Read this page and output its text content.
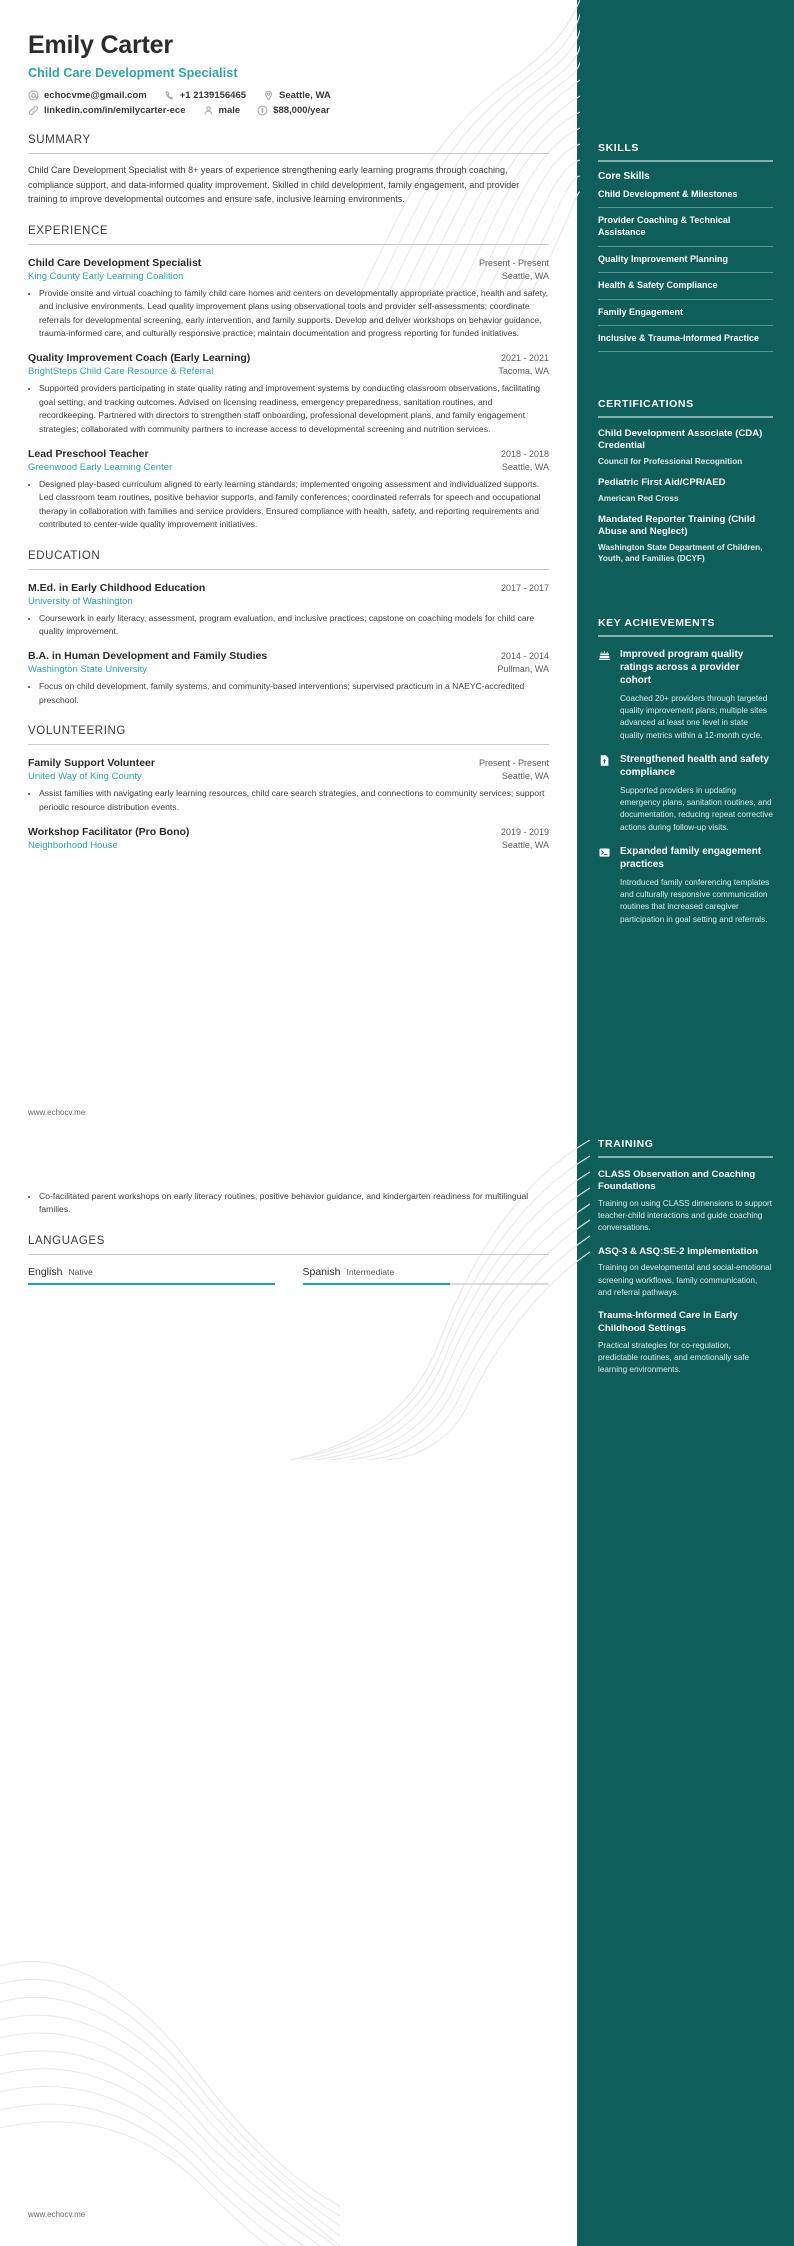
Emily Carter
Child Care Development Specialist
echocvme@gmail.com	+1 2139156465	Seattle, WA
linkedin.com/in/emilycarter-ece	male	$88,000/year
SUMMARY
Child Care Development Specialist with 8+ years of experience strengthening early learning programs through coaching, compliance support, and data-informed quality improvement. Skilled in child development, family engagement, and provider training to improve developmental outcomes and ensure safe, inclusive learning environments.
EXPERIENCE
Child Care Development Specialist	Present - Present
King County Early Learning Coalition	Seattle, WA
• Provide onsite and virtual coaching to family child care homes and centers on developmentally appropriate practice, health and safety, and inclusive environments. Lead quality improvement plans using observational tools and provider self-assessments; coordinate referrals for developmental screening, early intervention, and family supports. Develop and deliver workshops on behavior guidance, trauma-informed care, and culturally responsive practice; maintain documentation and progress reporting for funded initiatives.
Quality Improvement Coach (Early Learning)	2021 - 2021
BrightSteps Child Care Resource & Referral	Tacoma, WA
• Supported providers participating in state quality rating and improvement systems by conducting classroom observations, facilitating goal setting, and tracking outcomes. Advised on licensing readiness, emergency preparedness, sanitation routines, and recordkeeping. Partnered with directors to strengthen staff onboarding, professional development plans, and family engagement strategies; collaborated with community partners to increase access to developmental screening and nutrition services.
Lead Preschool Teacher	2018 - 2018
Greenwood Early Learning Center	Seattle, WA
• Designed play-based curriculum aligned to early learning standards; implemented ongoing assessment and individualized supports. Led classroom team routines, positive behavior supports, and family conferences; coordinated referrals for speech and occupational therapy in collaboration with families and service providers. Ensured compliance with health, safety, and reporting requirements and contributed to center-wide quality improvement initiatives.
EDUCATION
M.Ed. in Early Childhood Education	2017 - 2017
University of Washington
• Coursework in early literacy, assessment, program evaluation, and inclusive practices; capstone on coaching models for child care quality improvement.
B.A. in Human Development and Family Studies	2014 - 2014
Washington State University	Pullman, WA
• Focus on child development, family systems, and community-based interventions; supervised practicum in a NAEYC-accredited preschool.
VOLUNTEERING
Family Support Volunteer	Present - Present
United Way of King County	Seattle, WA
• Assist families with navigating early learning resources, child care search strategies, and connections to community services; support periodic resource distribution events.
Workshop Facilitator (Pro Bono)	2019 - 2019
Neighborhood House	Seattle, WA
www.echocv.me
• Co-facilitated parent workshops on early literacy routines, positive behavior guidance, and kindergarten readiness for multilingual families.
LANGUAGES
English Native	Spanish Intermediate
www.echocv.me
SKILLS
Core Skills
Child Development & Milestones
Provider Coaching & Technical Assistance
Quality Improvement Planning
Health & Safety Compliance
Family Engagement
Inclusive & Trauma-Informed Practice
CERTIFICATIONS
Child Development Associate (CDA) Credential
Council for Professional Recognition
Pediatric First Aid/CPR/AED
American Red Cross
Mandated Reporter Training (Child Abuse and Neglect)
Washington State Department of Children, Youth, and Families (DCYF)
KEY ACHIEVEMENTS
Improved program quality ratings across a provider cohort
Coached 20+ providers through targeted quality improvement plans; multiple sites advanced at least one level in state quality metrics within a 12-month cycle.
Strengthened health and safety compliance
Supported providers in updating emergency plans, sanitation routines, and documentation, reducing repeat corrective actions during follow-up visits.
Expanded family engagement practices
Introduced family conferencing templates and culturally responsive communication routines that increased caregiver participation in goal setting and referrals.
TRAINING
CLASS Observation and Coaching Foundations
Training on using CLASS dimensions to support teacher-child interactions and guide coaching conversations.
ASQ-3 & ASQ:SE-2 Implementation
Training on developmental and social-emotional screening workflows, family communication, and referral pathways.
Trauma-Informed Care in Early Childhood Settings
Practical strategies for co-regulation, predictable routines, and emotionally safe learning environments.
